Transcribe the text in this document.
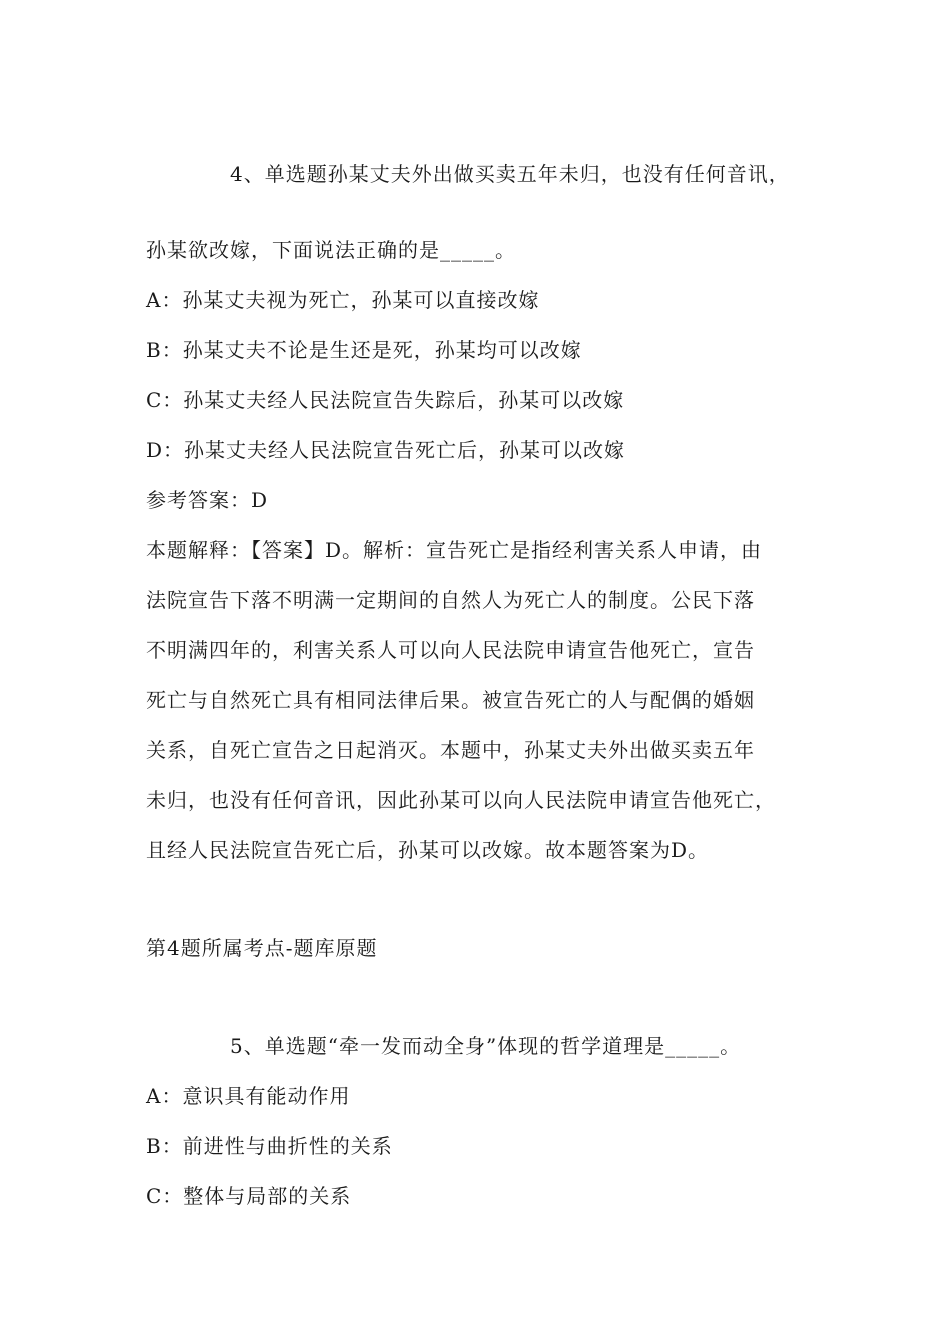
4、单选题孙某丈夫外出做买卖五年未归，也没有任何音讯，
孙某欲改嫁，下面说法正确的是_____。
A：孙某丈夫视为死亡，孙某可以直接改嫁
B：孙某丈夫不论是生还是死，孙某均可以改嫁
C：孙某丈夫经人民法院宣告失踪后，孙某可以改嫁
D：孙某丈夫经人民法院宣告死亡后，孙某可以改嫁
参考答案：D
本题解释：【答案】D。解析：宣告死亡是指经利害关系人申请，由
法院宣告下落不明满一定期间的自然人为死亡人的制度。公民下落
不明满四年的，利害关系人可以向人民法院申请宣告他死亡，宣告
死亡与自然死亡具有相同法律后果。被宣告死亡的人与配偶的婚姻
关系，自死亡宣告之日起消灭。本题中，孙某丈夫外出做买卖五年
未归，也没有任何音讯，因此孙某可以向人民法院申请宣告他死亡，
且经人民法院宣告死亡后，孙某可以改嫁。故本题答案为D。
第4题所属考点-题库原题
5、单选题“牵一发而动全身”体现的哲学道理是_____。
A：意识具有能动作用
B：前进性与曲折性的关系
C：整体与局部的关系
